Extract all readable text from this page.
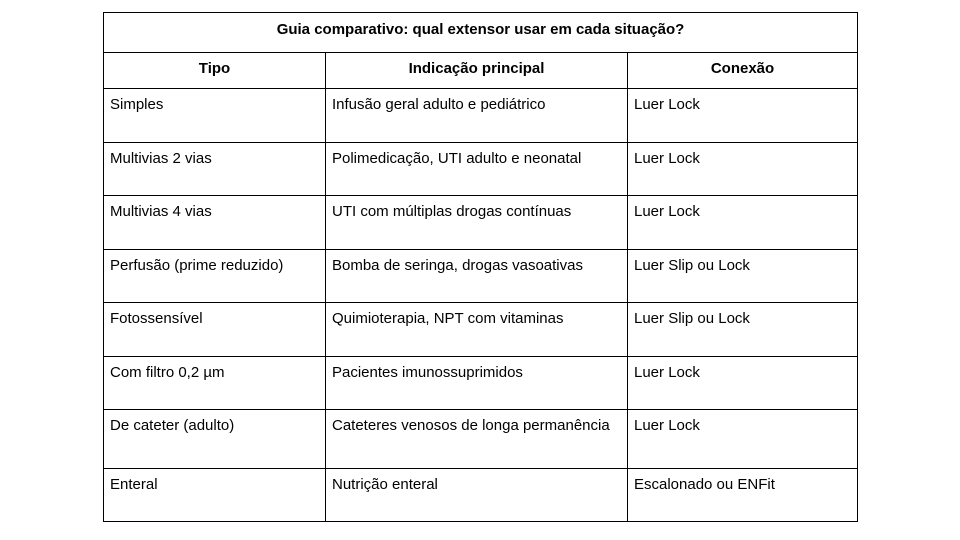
Guia comparativo: qual extensor usar em cada situação?		
Tipo	Indicação principal	Conexão
Simples	Infusão geral adulto e pediátrico	Luer Lock
Multivias 2 vias	Polimedicação, UTI adulto e neonatal	Luer Lock
Multivias 4 vias	UTI com múltiplas drogas contínuas	Luer Lock
Perfusão (prime reduzido)	Bomba de seringa, drogas vasoativas	Luer Slip ou Lock
Fotossensível	Quimioterapia, NPT com vitaminas	Luer Slip ou Lock
Com filtro 0,2 µm	Pacientes imunossuprimidos	Luer Lock
De cateter (adulto)	Cateteres venosos de longa permanência	Luer Lock
Enteral	Nutrição enteral	Escalonado ou ENFit
